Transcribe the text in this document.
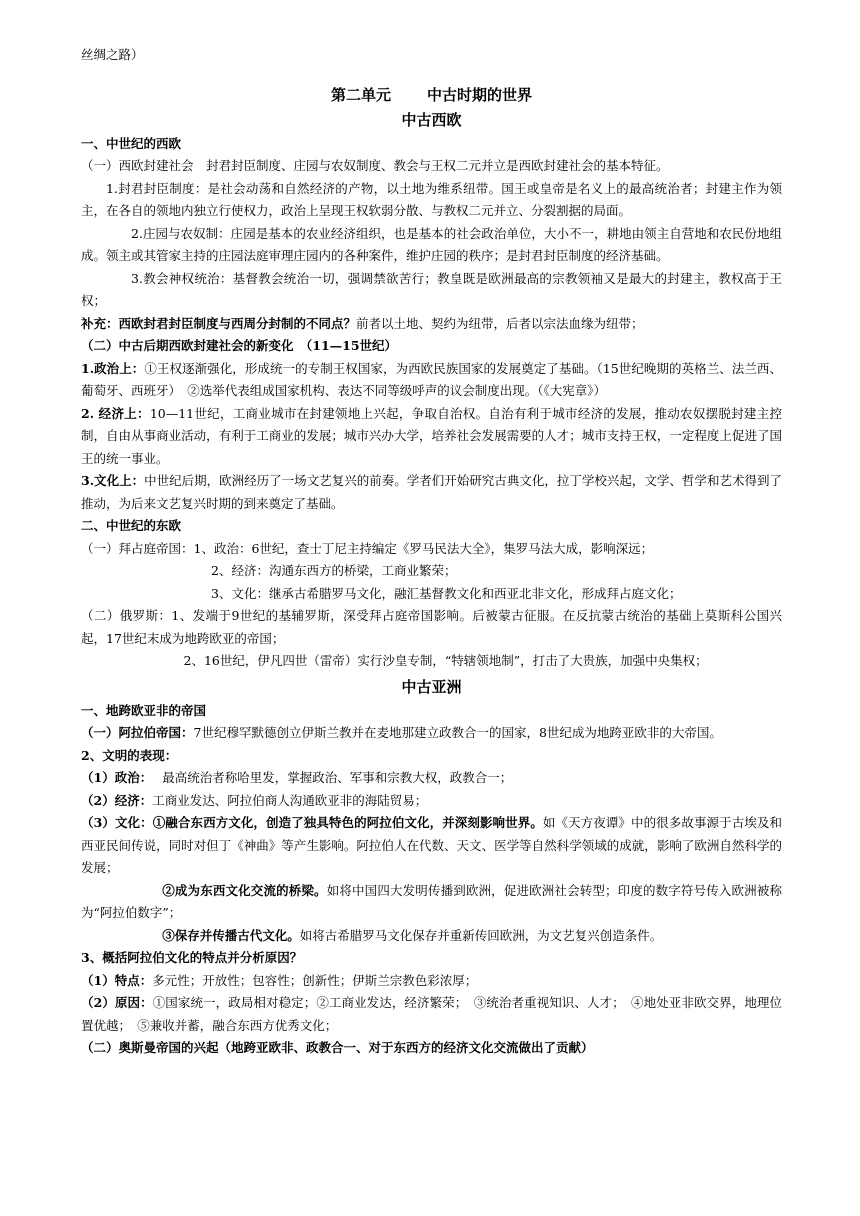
丝绸之路）

第二单元 中古时期的世界
中古西欧

一、中世纪的西欧

（一）西欧封建社会　封君封臣制度、庄园与农奴制度、教会与王权二元并立是西欧封建社会的基本特征。

1.封君封臣制度：是社会动荡和自然经济的产物，以土地为维系纽带。国王或皇帝是名义上的最高统治者；封建主作为领主，在各自的领地内独立行使权力，政治上呈现王权软弱分散、与教权二元并立、分裂割据的局面。

2.庄园与农奴制：庄园是基本的农业经济组织，也是基本的社会政治单位，大小不一，耕地由领主自营地和农民份地组成。领主或其管家主持的庄园法庭审理庄园内的各种案件，维护庄园的秩序；是封君封臣制度的经济基础。

3.教会神权统治：基督教会统治一切，强调禁欲苦行；教皇既是欧洲最高的宗教领袖又是最大的封建主，教权高于王权；

补充：西欧封君封臣制度与西周分封制的不同点？前者以土地、契约为纽带，后者以宗法血缘为纽带；

（二）中古后期西欧封建社会的新变化　（11—15世纪）

1.政治上：①王权逐渐强化，形成统一的专制王权国家，为西欧民族国家的发展奠定了基础。（15世纪晚期的英格兰、法兰西、葡萄牙、西班牙）　②选举代表组成国家机构、表达不同等级呼声的议会制度出现。（《大宪章》）

2. 经济上：10—11世纪，工商业城市在封建领地上兴起，争取自治权。自治有利于城市经济的发展，推动农奴摆脱封建主控制，自由从事商业活动，有利于工商业的发展；城市兴办大学，培养社会发展需要的人才；城市支持王权，一定程度上促进了国王的统一事业。

3.文化上：中世纪后期，欧洲经历了一场文艺复兴的前奏。学者们开始研究古典文化，拉丁学校兴起，文学、哲学和艺术得到了推动，为后来文艺复兴时期的到来奠定了基础。

二、中世纪的东欧

（一）拜占庭帝国：1、政治：6世纪，查士丁尼主持编定《罗马民法大全》，集罗马法大成，影响深远；

2、经济：沟通东西方的桥梁，工商业繁荣；

3、文化：继承古希腊罗马文化，融汇基督教文化和西亚北非文化，形成拜占庭文化；

（二）俄罗斯：1、发端于9世纪的基辅罗斯，深受拜占庭帝国影响。后被蒙古征服。在反抗蒙古统治的基础上莫斯科公国兴起，17世纪末成为地跨欧亚的帝国；

2、16世纪，伊凡四世（雷帝）实行沙皇专制，“特辖领地制”，打击了大贵族，加强中央集权；

中古亚洲

一、地跨欧亚非的帝国

（一）阿拉伯帝国：7世纪穆罕默德创立伊斯兰教并在麦地那建立政教合一的国家，8世纪成为地跨亚欧非的大帝国。

2、文明的表现：

（1）政治： 最高统治者称哈里发，掌握政治、军事和宗教大权，政教合一；

（2）经济：工商业发达、阿拉伯商人沟通欧亚非的海陆贸易；

（3）文化：①融合东西方文化，创造了独具特色的阿拉伯文化，并深刻影响世界。如《天方夜谭》中的很多故事源于古埃及和西亚民间传说，同时对但丁《神曲》等产生影响。阿拉伯人在代数、天文、医学等自然科学领域的成就，影响了欧洲自然科学的发展；

②成为东西文化交流的桥梁。如将中国四大发明传播到欧洲，促进欧洲社会转型；印度的数字符号传入欧洲被称为“阿拉伯数字”；

③保存并传播古代文化。如将古希腊罗马文化保存并重新传回欧洲，为文艺复兴创造条件。

3、概括阿拉伯文化的特点并分析原因？

（1）特点：多元性；开放性；包容性；创新性；伊斯兰宗教色彩浓厚；

（2）原因：①国家统一，政局相对稳定；②工商业发达，经济繁荣；　③统治者重视知识、人才；　④地处亚非欧交界，地理位置优越；　⑤兼收并蓄，融合东西方优秀文化；

（二）奥斯曼帝国的兴起（地跨亚欧非、政教合一、对于东西方的经济文化交流做出了贡献）
